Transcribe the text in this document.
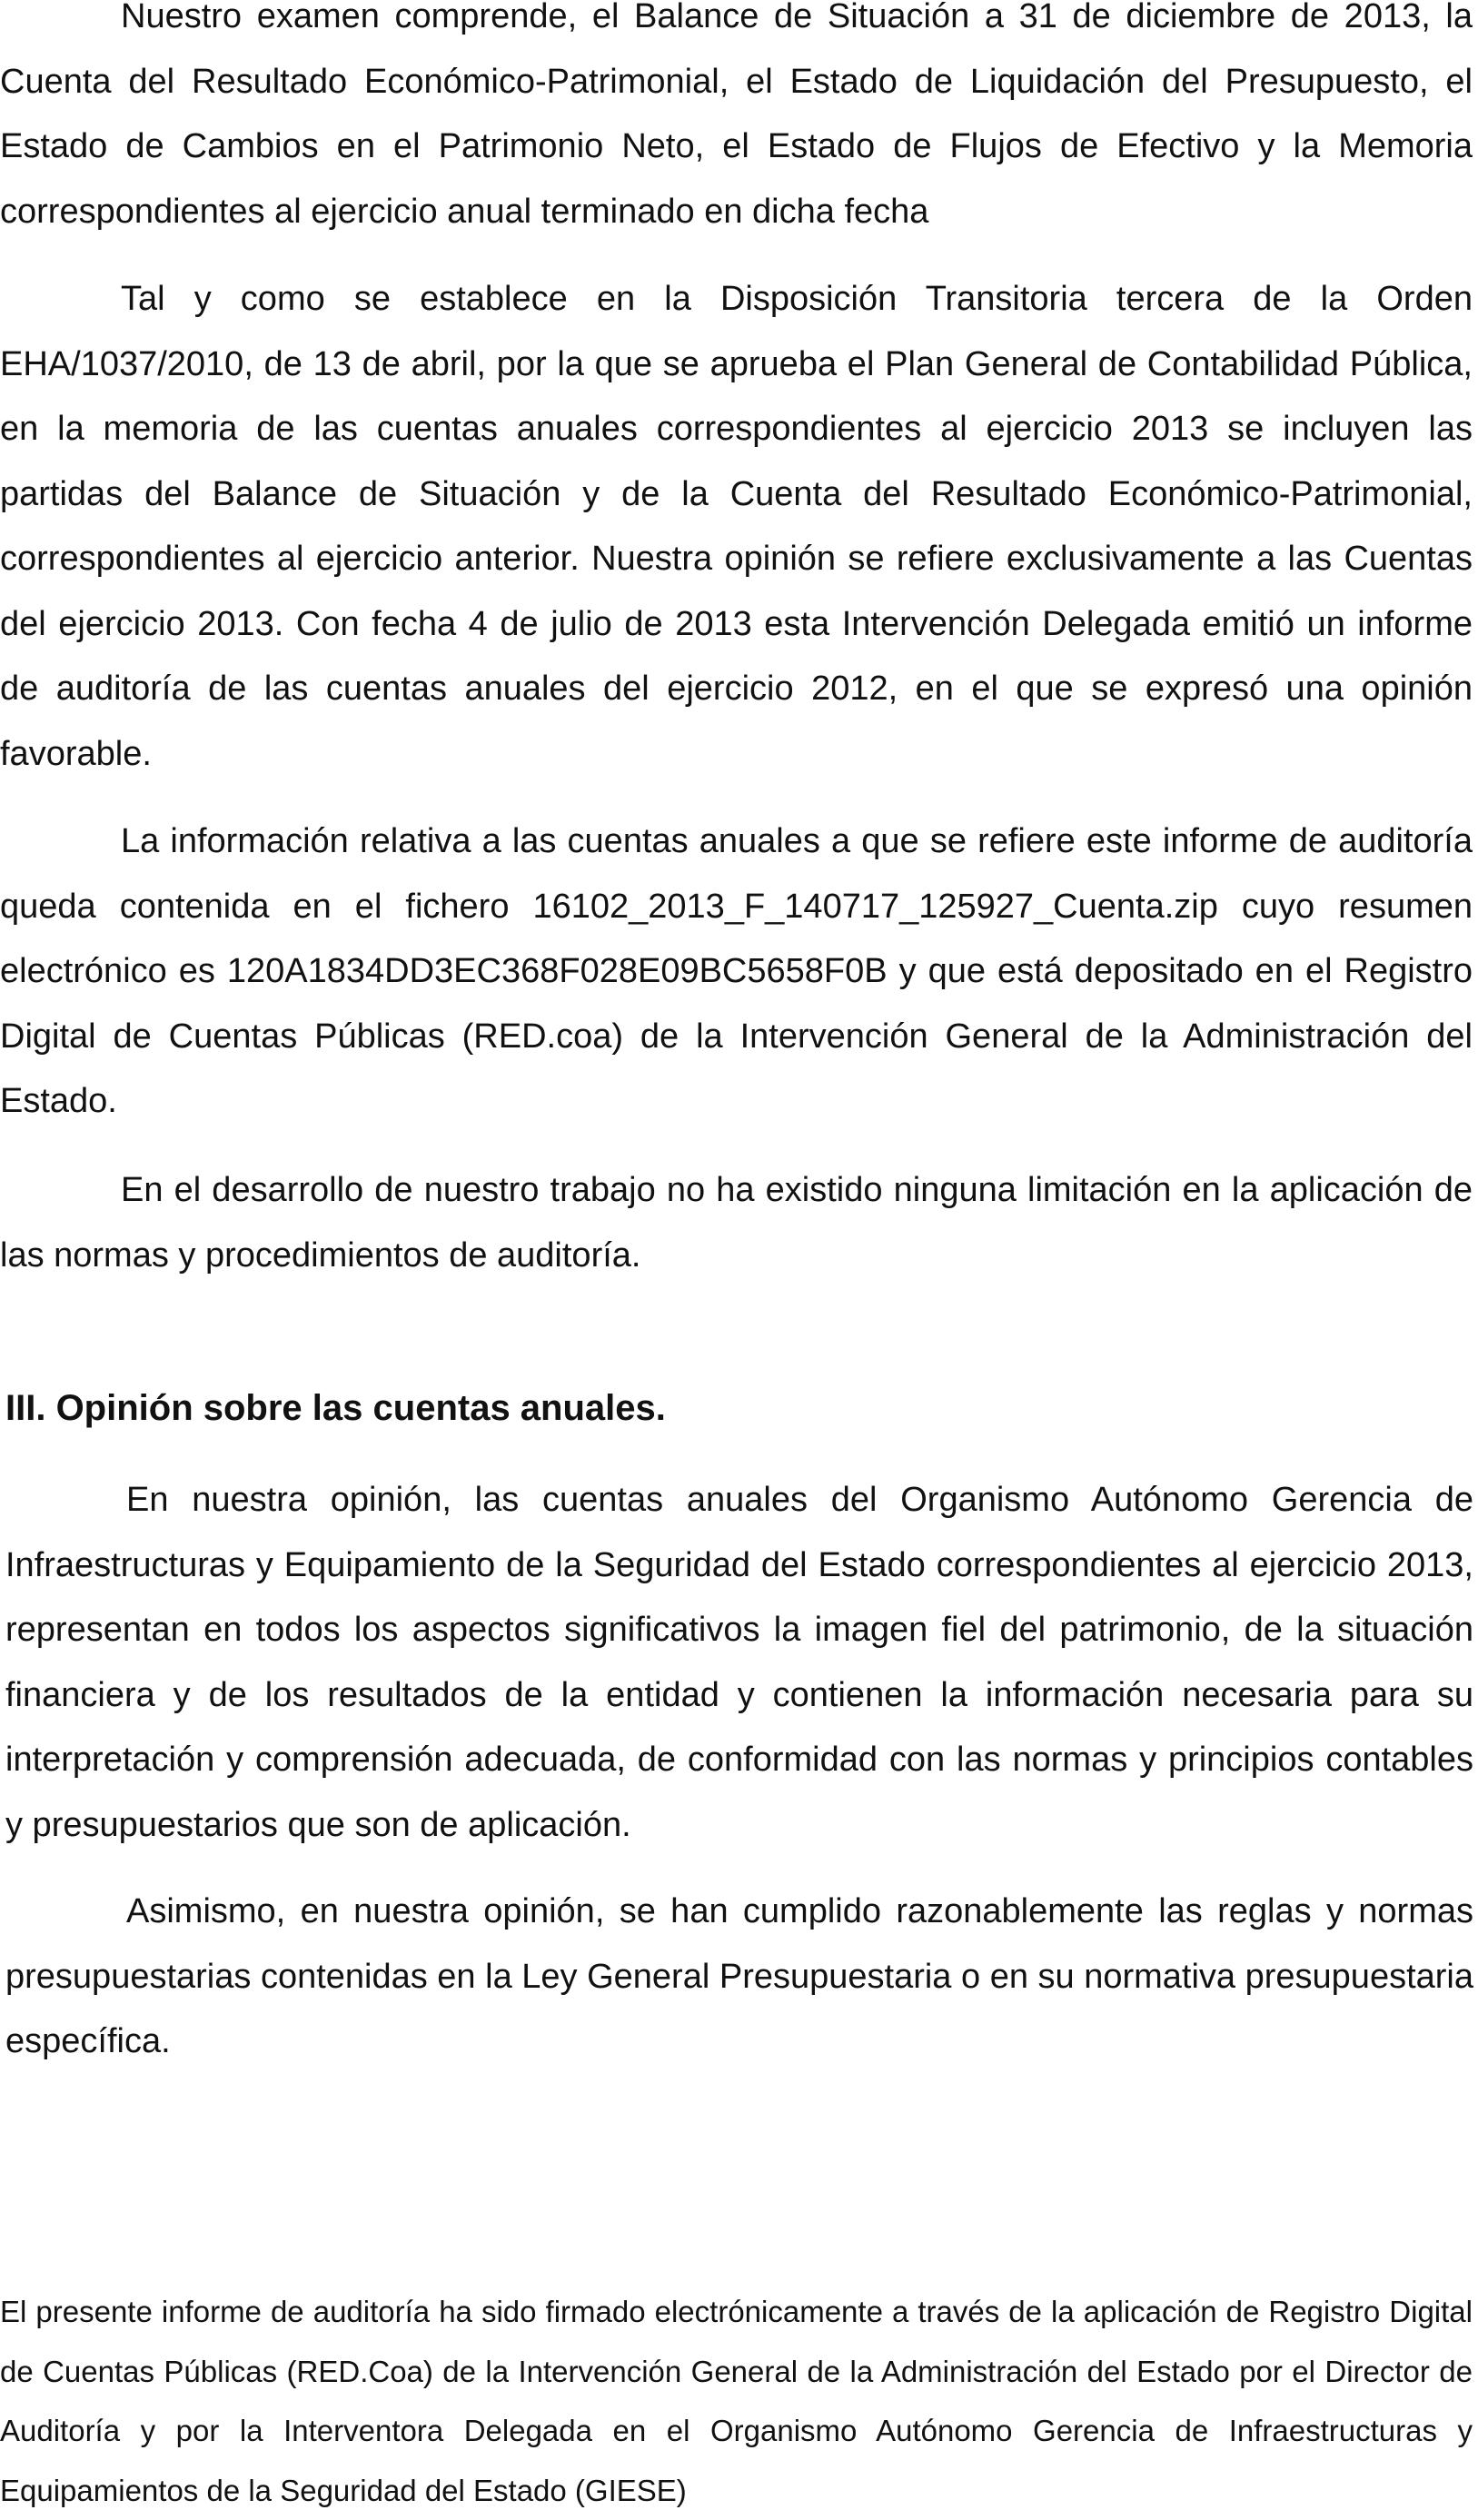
Nuestro examen comprende, el Balance de Situación a 31 de diciembre de 2013, la Cuenta del Resultado Económico-Patrimonial, el Estado de Liquidación del Presupuesto, el Estado de Cambios en el Patrimonio Neto, el Estado de Flujos de Efectivo y la Memoria correspondientes al ejercicio anual terminado en dicha fecha

Tal y como se establece en la Disposición Transitoria tercera de la Orden EHA/1037/2010, de 13 de abril, por la que se aprueba el Plan General de Contabilidad Pública, en la memoria de las cuentas anuales correspondientes al ejercicio 2013 se incluyen las partidas del Balance de Situación y de la Cuenta del Resultado Económico-Patrimonial, correspondientes al ejercicio anterior. Nuestra opinión se refiere exclusivamente a las Cuentas del ejercicio 2013. Con fecha 4 de julio de 2013 esta Intervención Delegada emitió un informe de auditoría de las cuentas anuales del ejercicio 2012, en el que se expresó una opinión favorable.

La información relativa a las cuentas anuales a que se refiere este informe de auditoría queda contenida en el fichero 16102_2013_F_140717_125927_Cuenta.zip cuyo resumen electrónico es 120A1834DD3EC368F028E09BC5658F0B y que está depositado en el Registro Digital de Cuentas Públicas (RED.coa) de la Intervención General de la Administración del Estado.

En el desarrollo de nuestro trabajo no ha existido ninguna limitación en la aplicación de las normas y procedimientos de auditoría.

III. Opinión sobre las cuentas anuales.

En nuestra opinión, las cuentas anuales del Organismo Autónomo Gerencia de Infraestructuras y Equipamiento de la Seguridad del Estado correspondientes al ejercicio 2013, representan en todos los aspectos significativos la imagen fiel del patrimonio, de la situación financiera y de los resultados de la entidad y contienen la información necesaria para su interpretación y comprensión adecuada, de conformidad con las normas y principios contables y presupuestarios que son de aplicación.

Asimismo, en nuestra opinión, se han cumplido razonablemente las reglas y normas presupuestarias contenidas en la Ley General Presupuestaria o en su normativa presupuestaria específica.

El presente informe de auditoría ha sido firmado electrónicamente a través de la aplicación de Registro Digital de Cuentas Públicas (RED.Coa) de la Intervención General de la Administración del Estado por el Director de Auditoría y por la Interventora Delegada en el Organismo Autónomo Gerencia de Infraestructuras y Equipamientos de la Seguridad del Estado (GIESE)
